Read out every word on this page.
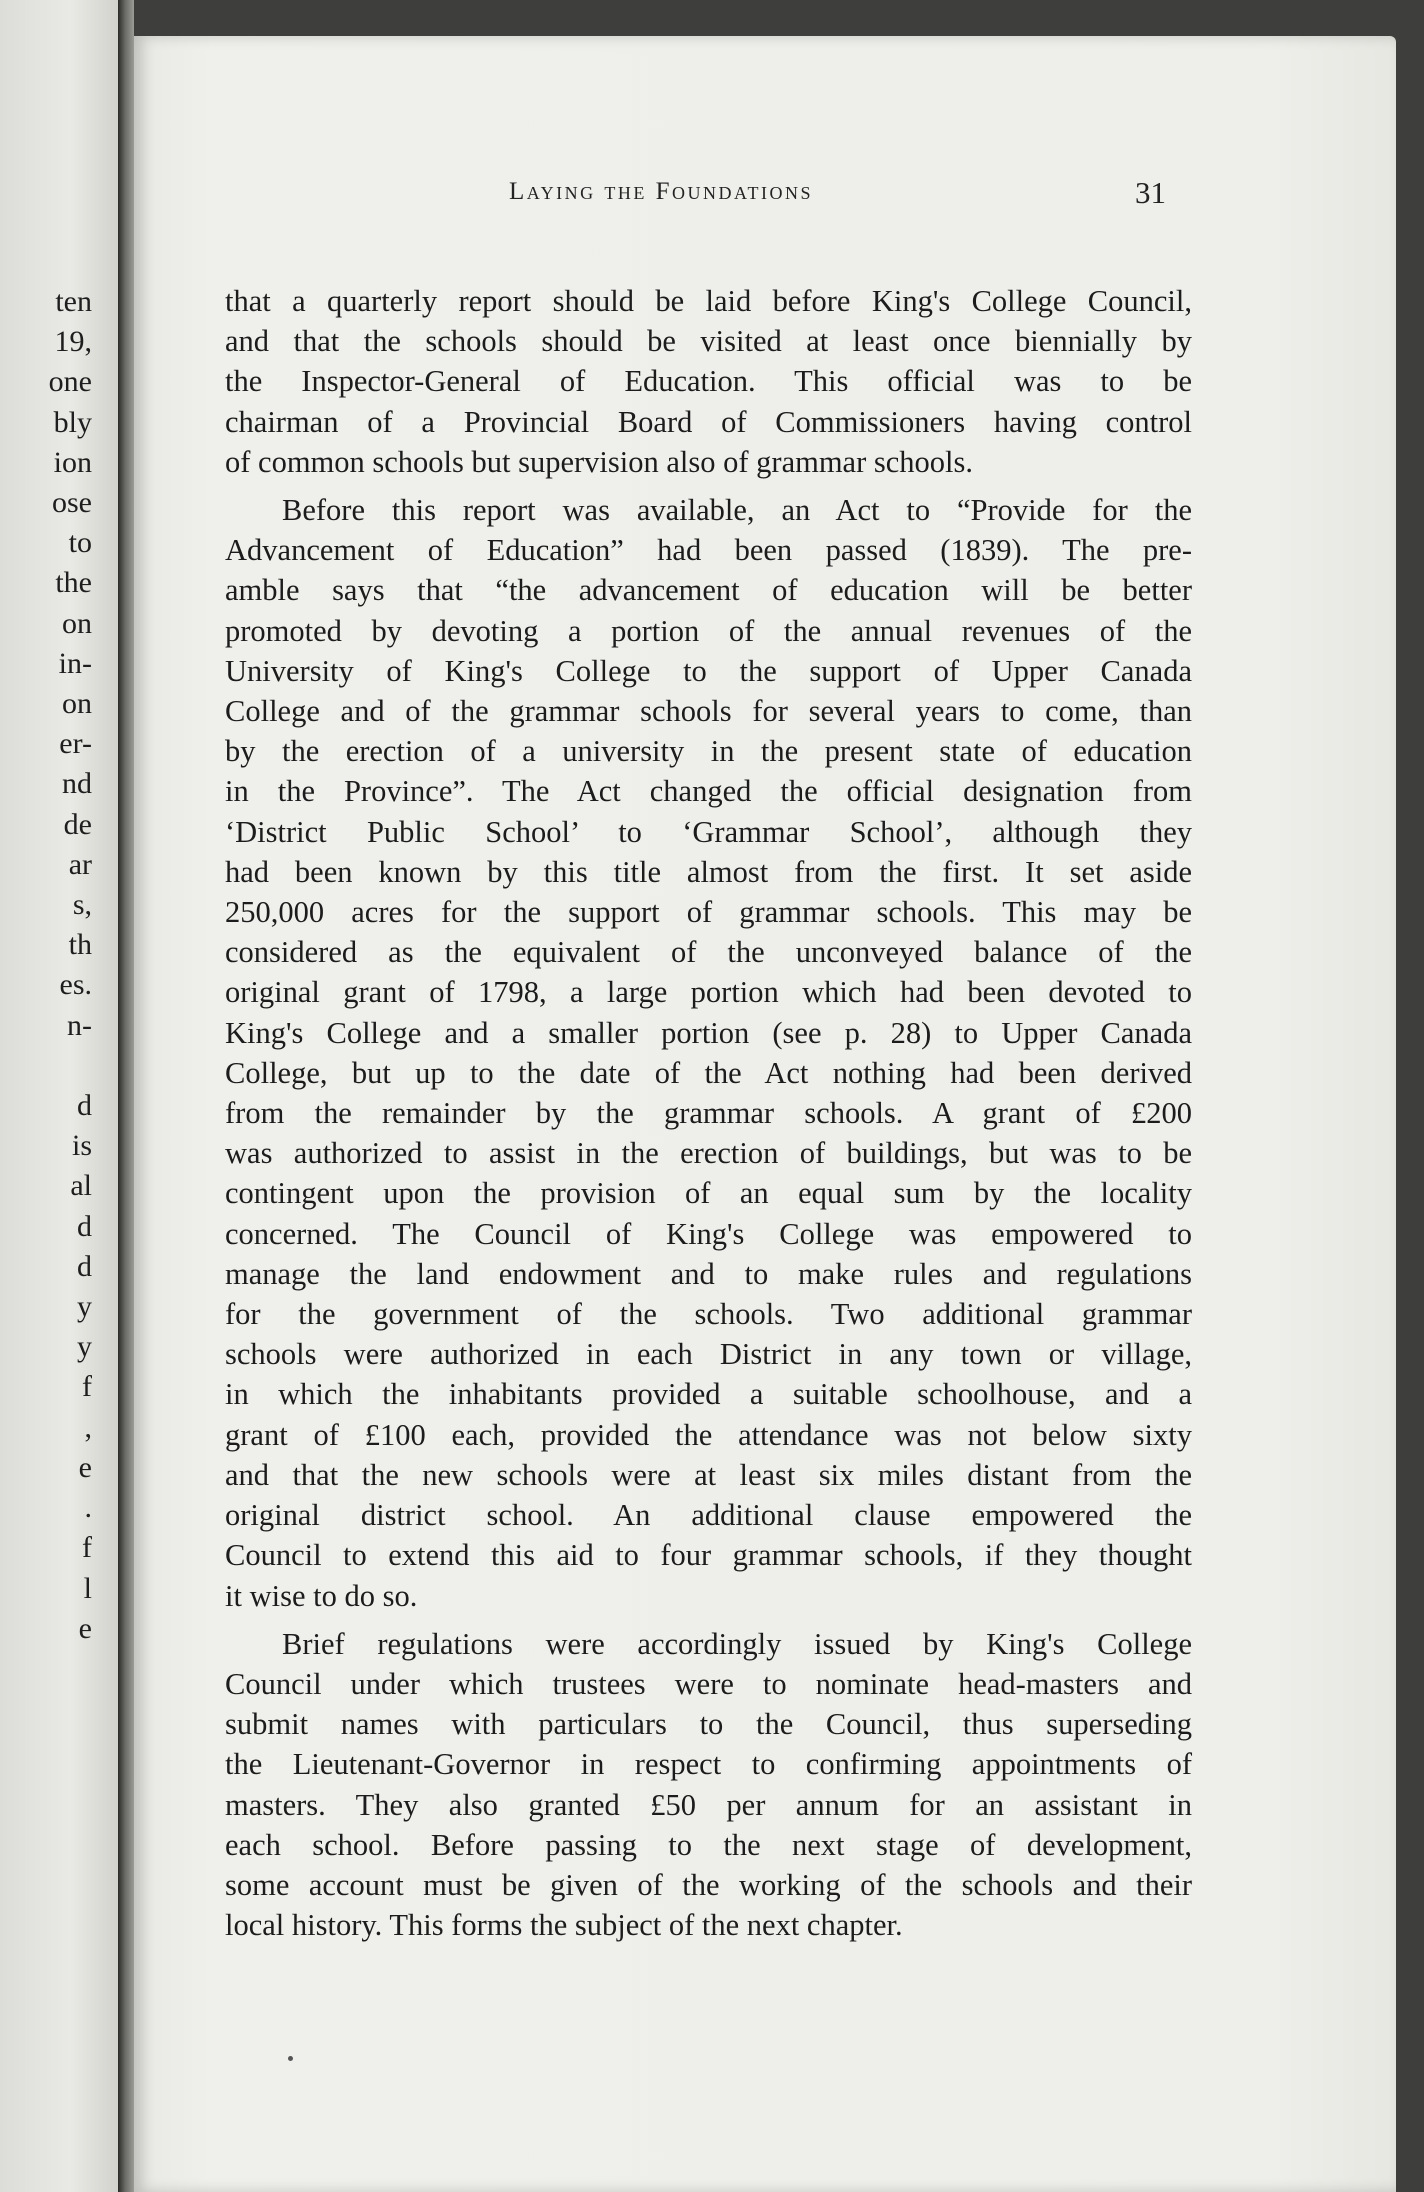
ten
19,
one
bly
ion
ose
to
the
on
in-
on
er-
nd
de
ar
s,
th
es.
n-

d
is
al
d
d
y
y
f
,
e
.
f
l
e
Laying the Foundations	31

that a quarterly report should be laid before King's College Council,
and that the schools should be visited at least once biennially by
the Inspector-General of Education. This official was to be
chairman of a Provincial Board of Commissioners having control
of common schools but supervision also of grammar schools.

Before this report was available, an Act to “Provide for the
Advancement of Education” had been passed (1839). The pre-
amble says that “the advancement of education will be better
promoted by devoting a portion of the annual revenues of the
University of King's College to the support of Upper Canada
College and of the grammar schools for several years to come, than
by the erection of a university in the present state of education
in the Province”. The Act changed the official designation from
‘District Public School’ to ‘Grammar School’, although they
had been known by this title almost from the first. It set aside
250,000 acres for the support of grammar schools. This may be
considered as the equivalent of the unconveyed balance of the
original grant of 1798, a large portion which had been devoted to
King's College and a smaller portion (see p. 28) to Upper Canada
College, but up to the date of the Act nothing had been derived
from the remainder by the grammar schools. A grant of £200
was authorized to assist in the erection of buildings, but was to be
contingent upon the provision of an equal sum by the locality
concerned. The Council of King's College was empowered to
manage the land endowment and to make rules and regulations
for the government of the schools. Two additional grammar
schools were authorized in each District in any town or village,
in which the inhabitants provided a suitable schoolhouse, and a
grant of £100 each, provided the attendance was not below sixty
and that the new schools were at least six miles distant from the
original district school. An additional clause empowered the
Council to extend this aid to four grammar schools, if they thought
it wise to do so.

Brief regulations were accordingly issued by King's College
Council under which trustees were to nominate head-masters and
submit names with particulars to the Council, thus superseding
the Lieutenant-Governor in respect to confirming appointments of
masters. They also granted £50 per annum for an assistant in
each school. Before passing to the next stage of development,
some account must be given of the working of the schools and their
local history. This forms the subject of the next chapter.
